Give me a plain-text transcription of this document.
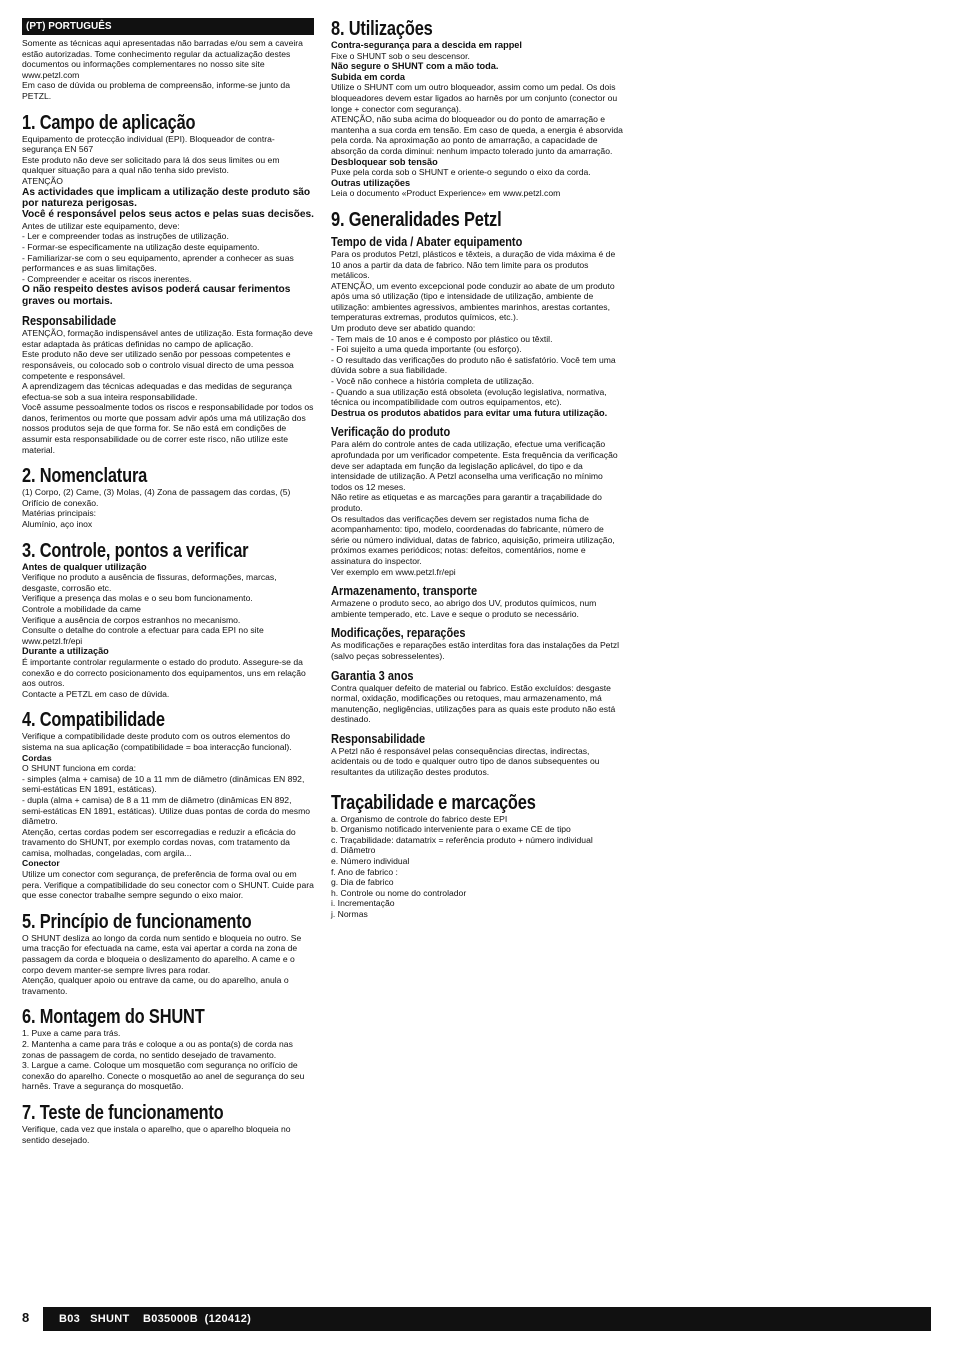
(PT) PORTUGUÊS

Somente as técnicas aqui apresentadas não barradas e/ou sem a caveira estão autorizadas. Tome conhecimento regular da actualização destes documentos ou informações complementares no nosso site site www.petzl.com
Em caso de dúvida ou problema de compreensão, informe-se junto da PETZL.

1. Campo de aplicação

Equipamento de protecção individual (EPI). Bloqueador de contra-segurança EN 567
Este produto não deve ser solicitado para lá dos seus limites ou em qualquer situação para a qual não tenha sido previsto.
ATENÇÃO

As actividades que implicam a utilização deste produto são por natureza perigosas.
Você é responsável pelos seus actos e pelas suas decisões.

Antes de utilizar este equipamento, deve:
- Ler e compreender todas as instruções de utilização.
- Formar-se especificamente na utilização deste equipamento.
- Familiarizar-se com o seu equipamento, aprender a conhecer as suas performances e as suas limitações.
- Compreender e aceitar os riscos inerentes.

O não respeito destes avisos poderá causar ferimentos graves ou mortais.
Responsabilidade

ATENÇÃO, formação indispensável antes de utilização. Esta formação deve estar adaptada às práticas definidas no campo de aplicação.
Este produto não deve ser utilizado senão por pessoas competentes e responsáveis, ou colocado sob o controlo visual directo de uma pessoa competente e responsável.
A aprendizagem das técnicas adequadas e das medidas de segurança efectua-se sob a sua inteira responsabilidade.
Você assume pessoalmente todos os riscos e responsabilidade por todos os danos, ferimentos ou morte que possam advir após uma má utilização dos nossos produtos seja de que forma for. Se não está em condições de assumir esta responsabilidade ou de correr este risco, não utilize este material.

2. Nomenclatura

(1) Corpo, (2) Came, (3) Molas, (4) Zona de passagem das cordas, (5) Orifício de conexão.
Matérias principais:
Alumínio, aço inox

3. Controle, pontos a verificar
Antes de qualquer utilização

Verifique no produto a ausência de fissuras, deformações, marcas, desgaste, corrosão etc.
Verifique a presença das molas e o seu bom funcionamento.
Controle a mobilidade da came
Verifique a ausência de corpos estranhos no mecanismo.
Consulte o detalhe do controle a efectuar para cada EPI no site www.petzl.fr/epi

Durante a utilização

É importante controlar regularmente o estado do produto. Assegure-se da conexão e do correcto posicionamento dos equipamentos, uns em relação aos outros.
Contacte a PETZL em caso de dúvida.

4. Compatibilidade

Verifique a compatibilidade deste produto com os outros elementos do sistema na sua aplicação (compatibilidade = boa interacção funcional).

Cordas

O SHUNT funciona em corda:
- simples (alma + camisa) de 10 a 11 mm de diâmetro (dinâmicas EN 892, semi-estáticas EN 1891, estáticas).
- dupla (alma + camisa) de 8 a 11 mm de diâmetro (dinâmicas EN 892, semi-estáticas EN 1891, estáticas). Utilize duas pontas de corda do mesmo diâmetro.
Atenção, certas cordas podem ser escorregadias e reduzir a eficácia do travamento do SHUNT, por exemplo cordas novas, com tratamento da camisa, molhadas, congeladas, com argila...

Conector

Utilize um conector com segurança, de preferência de forma oval ou em pera. Verifique a compatibilidade do seu conector com o SHUNT. Cuide para que esse conector trabalhe sempre segundo o eixo maior.

5. Princípio de funcionamento

O SHUNT desliza ao longo da corda num sentido e bloqueia no outro. Se uma tracção for efectuada na came, esta vai apertar a corda na zona de passagem da corda e bloqueia o deslizamento do aparelho. A came e o corpo devem manter-se sempre livres para rodar.
Atenção, qualquer apoio ou entrave da came, ou do aparelho, anula o travamento.

6. Montagem do SHUNT

1. Puxe a came para trás.
2. Mantenha a came para trás e coloque a ou as ponta(s) de corda nas zonas de passagem de corda, no sentido desejado de travamento.
3. Largue a came. Coloque um mosquetão com segurança no orifício de conexão do aparelho. Conecte o mosquetão ao anel de segurança do seu harnês. Trave a segurança do mosquetão.

7. Teste de funcionamento

Verifique, cada vez que instala o aparelho, que o aparelho bloqueia no sentido desejado.

8. Utilizações
Contra-segurança para a descida em rappel

Fixe o SHUNT sob o seu descensor.

Não segure o SHUNT com a mão toda.
Subida em corda

Utilize o SHUNT com um outro bloqueador, assim como um pedal. Os dois bloqueadores devem estar ligados ao harnês por um conjunto (conector ou longe + conector com segurança).
ATENÇÃO, não suba acima do bloqueador ou do ponto de amarração e mantenha a sua corda em tensão. Em caso de queda, a energia é absorvida pela corda. Na aproximação ao ponto de amarração, a capacidade de absorção da corda diminui: nenhum impacto tolerado junto da amarração.

Desbloquear sob tensão

Puxe pela corda sob o SHUNT e oriente-o segundo o eixo da corda.

Outras utilizações

Leia o documento «Product Experience» em www.petzl.com

9. Generalidades Petzl
Tempo de vida / Abater equipamento

Para os produtos Petzl, plásticos e têxteis, a duração de vida máxima é de 10 anos a partir da data de fabrico. Não tem limite para os produtos metálicos.
ATENÇÃO, um evento excepcional pode conduzir ao abate de um produto após uma só utilização (tipo e intensidade de utilização, ambiente de utilização: ambientes agressivos, ambientes marinhos, arestas cortantes, temperaturas extremas, produtos químicos, etc.).
Um produto deve ser abatido quando:
- Tem mais de 10 anos e é composto por plástico ou têxtil.
- Foi sujeito a uma queda importante (ou esforço).
- O resultado das verificações do produto não é satisfatório. Você tem uma dúvida sobre a sua fiabilidade.
- Você não conhece a história completa de utilização.
- Quando a sua utilização está obsoleta (evolução legislativa, normativa, técnica ou incompatibilidade com outros equipamentos, etc).

Destrua os produtos abatidos para evitar uma futura utilização.
Verificação do produto

Para além do controle antes de cada utilização, efectue uma verificação aprofundada por um verificador competente. Esta frequência da verificação deve ser adaptada em função da legislação aplicável, do tipo e da intensidade de utilização. A Petzl aconselha uma verificação no mínimo todos os 12 meses.
Não retire as etiquetas e as marcações para garantir a traçabilidade do produto.
Os resultados das verificações devem ser registados numa ficha de acompanhamento: tipo, modelo, coordenadas do fabricante, número de série ou número individual, datas de fabrico, aquisição, primeira utilização, próximos exames periódicos; notas: defeitos, comentários, nome e assinatura do inspector.
Ver exemplo em www.petzl.fr/epi

Armazenamento, transporte

Armazene o produto seco, ao abrigo dos UV, produtos químicos, num ambiente temperado, etc. Lave e seque o produto se necessário.

Modificações, reparações

As modificações e reparações estão interditas fora das instalações da Petzl (salvo peças sobresselentes).

Garantia 3 anos

Contra qualquer defeito de material ou fabrico. Estão excluídos: desgaste normal, oxidação, modificações ou retoques, mau armazenamento, má manutenção, negligências, utilizações para as quais este produto não está destinado.

Responsabilidade

A Petzl não é responsável pelas consequências directas, indirectas, acidentais ou de todo e qualquer outro tipo de danos subsequentes ou resultantes da utilização destes produtos.

Traçabilidade e marcações

a. Organismo de controle do fabrico deste EPI
b. Organismo notificado interveniente para o exame CE de tipo
c. Traçabilidade: datamatrix = referência produto + número individual
d. Diâmetro
e. Número individual
f. Ano de fabrico :
g. Dia de fabrico
h. Controle ou nome do controlador
i. Incrementação
j. Normas

8	B03   SHUNT    B035000B  (120412)
